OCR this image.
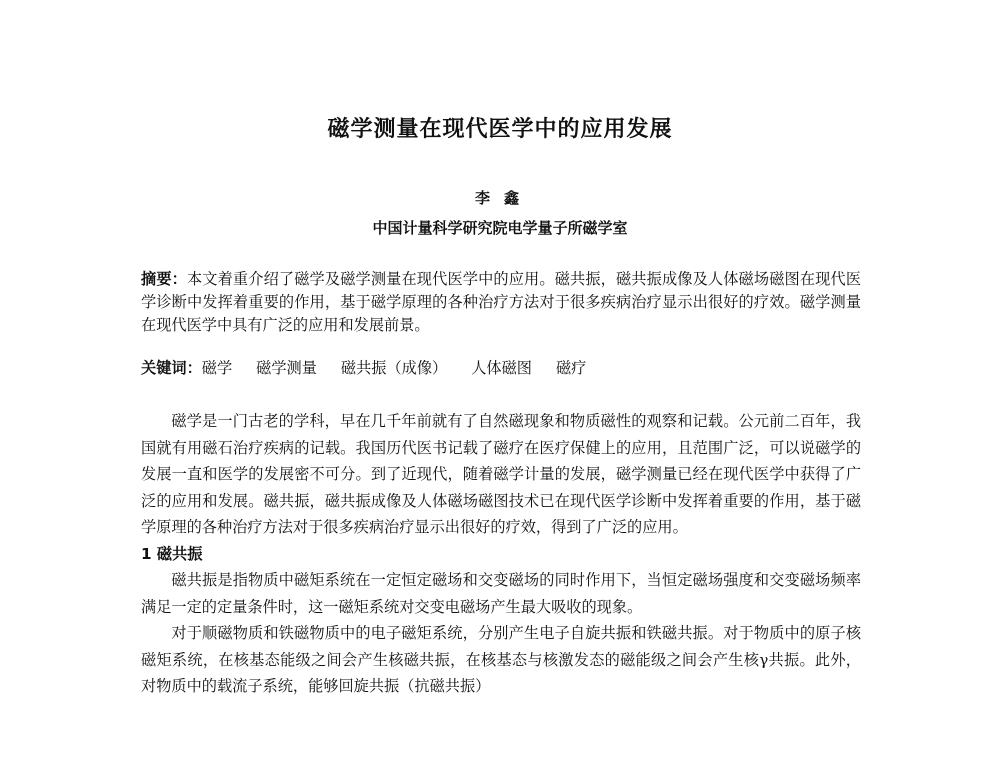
磁学测量在现代医学中的应用发展
李鑫
中国计量科学研究院电学量子所磁学室
摘要：本文着重介绍了磁学及磁学测量在现代医学中的应用。磁共振，磁共振成像及人体磁场磁图在现代医学诊断中发挥着重要的作用，基于磁学原理的各种治疗方法对于很多疾病治疗显示出很好的疗效。磁学测量在现代医学中具有广泛的应用和发展前景。
关键词：磁学 磁学测量 磁共振（成像） 人体磁图 磁疗

磁学是一门古老的学科，早在几千年前就有了自然磁现象和物质磁性的观察和记载。公元前二百年，我国就有用磁石治疗疾病的记载。我国历代医书记载了磁疗在医疗保健上的应用，且范围广泛，可以说磁学的发展一直和医学的发展密不可分。到了近现代，随着磁学计量的发展，磁学测量已经在现代医学中获得了广泛的应用和发展。磁共振，磁共振成像及人体磁场磁图技术已在现代医学诊断中发挥着重要的作用，基于磁学原理的各种治疗方法对于很多疾病治疗显示出很好的疗效，得到了广泛的应用。

1 磁共振

磁共振是指物质中磁矩系统在一定恒定磁场和交变磁场的同时作用下，当恒定磁场强度和交变磁场频率满足一定的定量条件时，这一磁矩系统对交变电磁场产生最大吸收的现象。

对于顺磁物质和铁磁物质中的电子磁矩系统，分别产生电子自旋共振和铁磁共振。对于物质中的原子核磁矩系统，在核基态能级之间会产生核磁共振，在核基态与核激发态的磁能级之间会产生核γ共振。此外，对物质中的载流子系统，能够回旋共振（抗磁共振）
